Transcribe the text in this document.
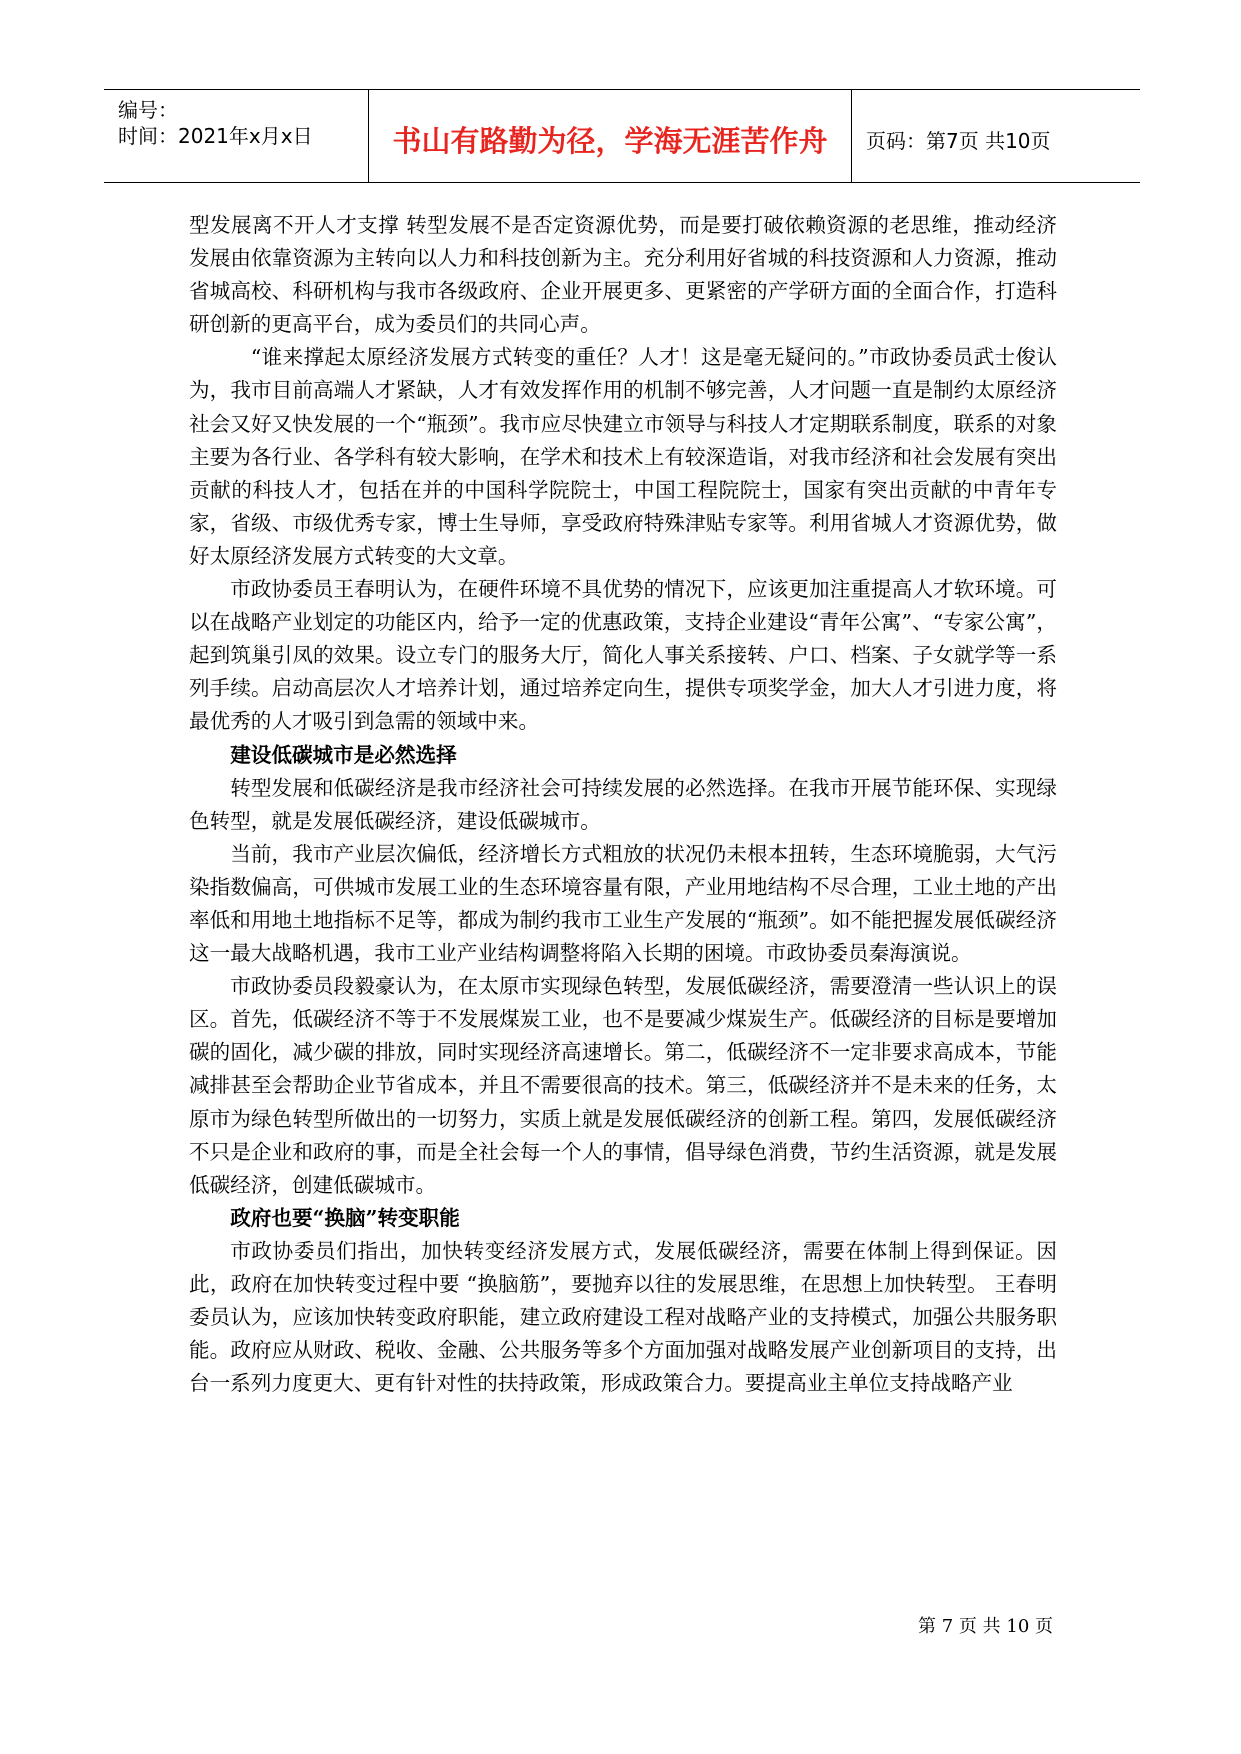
编号：
时间：2021年x月x日	书山有路勤为径，学海无涯苦作舟	页码：第7页 共10页

型发展离不开人才支撑 转型发展不是否定资源优势，而是要打破依赖资源的老思维，推动经济发展由依靠资源为主转向以人力和科技创新为主。充分利用好省城的科技资源和人力资源，推动省城高校、科研机构与我市各级政府、企业开展更多、更紧密的产学研方面的全面合作，打造科研创新的更高平台，成为委员们的共同心声。

“谁来撑起太原经济发展方式转变的重任？人才！这是毫无疑问的。”市政协委员武士俊认为，我市目前高端人才紧缺，人才有效发挥作用的机制不够完善，人才问题一直是制约太原经济社会又好又快发展的一个“瓶颈”。我市应尽快建立市领导与科技人才定期联系制度，联系的对象主要为各行业、各学科有较大影响，在学术和技术上有较深造诣，对我市经济和社会发展有突出贡献的科技人才，包括在并的中国科学院院士，中国工程院院士，国家有突出贡献的中青年专家，省级、市级优秀专家，博士生导师，享受政府特殊津贴专家等。利用省城人才资源优势，做好太原经济发展方式转变的大文章。

市政协委员王春明认为，在硬件环境不具优势的情况下，应该更加注重提高人才软环境。可以在战略产业划定的功能区内，给予一定的优惠政策，支持企业建设“青年公寓”、“专家公寓”，起到筑巢引凤的效果。设立专门的服务大厅，简化人事关系接转、户口、档案、子女就学等一系列手续。启动高层次人才培养计划，通过培养定向生，提供专项奖学金，加大人才引进力度，将最优秀的人才吸引到急需的领域中来。

建设低碳城市是必然选择

转型发展和低碳经济是我市经济社会可持续发展的必然选择。在我市开展节能环保、实现绿色转型，就是发展低碳经济，建设低碳城市。

当前，我市产业层次偏低，经济增长方式粗放的状况仍未根本扭转，生态环境脆弱，大气污染指数偏高，可供城市发展工业的生态环境容量有限，产业用地结构不尽合理，工业土地的产出率低和用地土地指标不足等，都成为制约我市工业生产发展的“瓶颈”。如不能把握发展低碳经济这一最大战略机遇，我市工业产业结构调整将陷入长期的困境。市政协委员秦海演说。

市政协委员段毅豪认为，在太原市实现绿色转型，发展低碳经济，需要澄清一些认识上的误区。首先，低碳经济不等于不发展煤炭工业，也不是要减少煤炭生产。低碳经济的目标是要增加碳的固化，减少碳的排放，同时实现经济高速增长。第二，低碳经济不一定非要求高成本，节能减排甚至会帮助企业节省成本，并且不需要很高的技术。第三，低碳经济并不是未来的任务，太原市为绿色转型所做出的一切努力，实质上就是发展低碳经济的创新工程。第四，发展低碳经济不只是企业和政府的事，而是全社会每一个人的事情，倡导绿色消费，节约生活资源，就是发展低碳经济，创建低碳城市。

政府也要“换脑”转变职能

市政协委员们指出，加快转变经济发展方式，发展低碳经济，需要在体制上得到保证。因此，政府在加快转变过程中要 “换脑筋”，要抛弃以往的发展思维，在思想上加快转型。 王春明委员认为，应该加快转变政府职能，建立政府建设工程对战略产业的支持模式，加强公共服务职能。政府应从财政、税收、金融、公共服务等多个方面加强对战略发展产业创新项目的支持，出台一系列力度更大、更有针对性的扶持政策，形成政策合力。要提高业主单位支持战略产业

第 7 页 共 10 页
